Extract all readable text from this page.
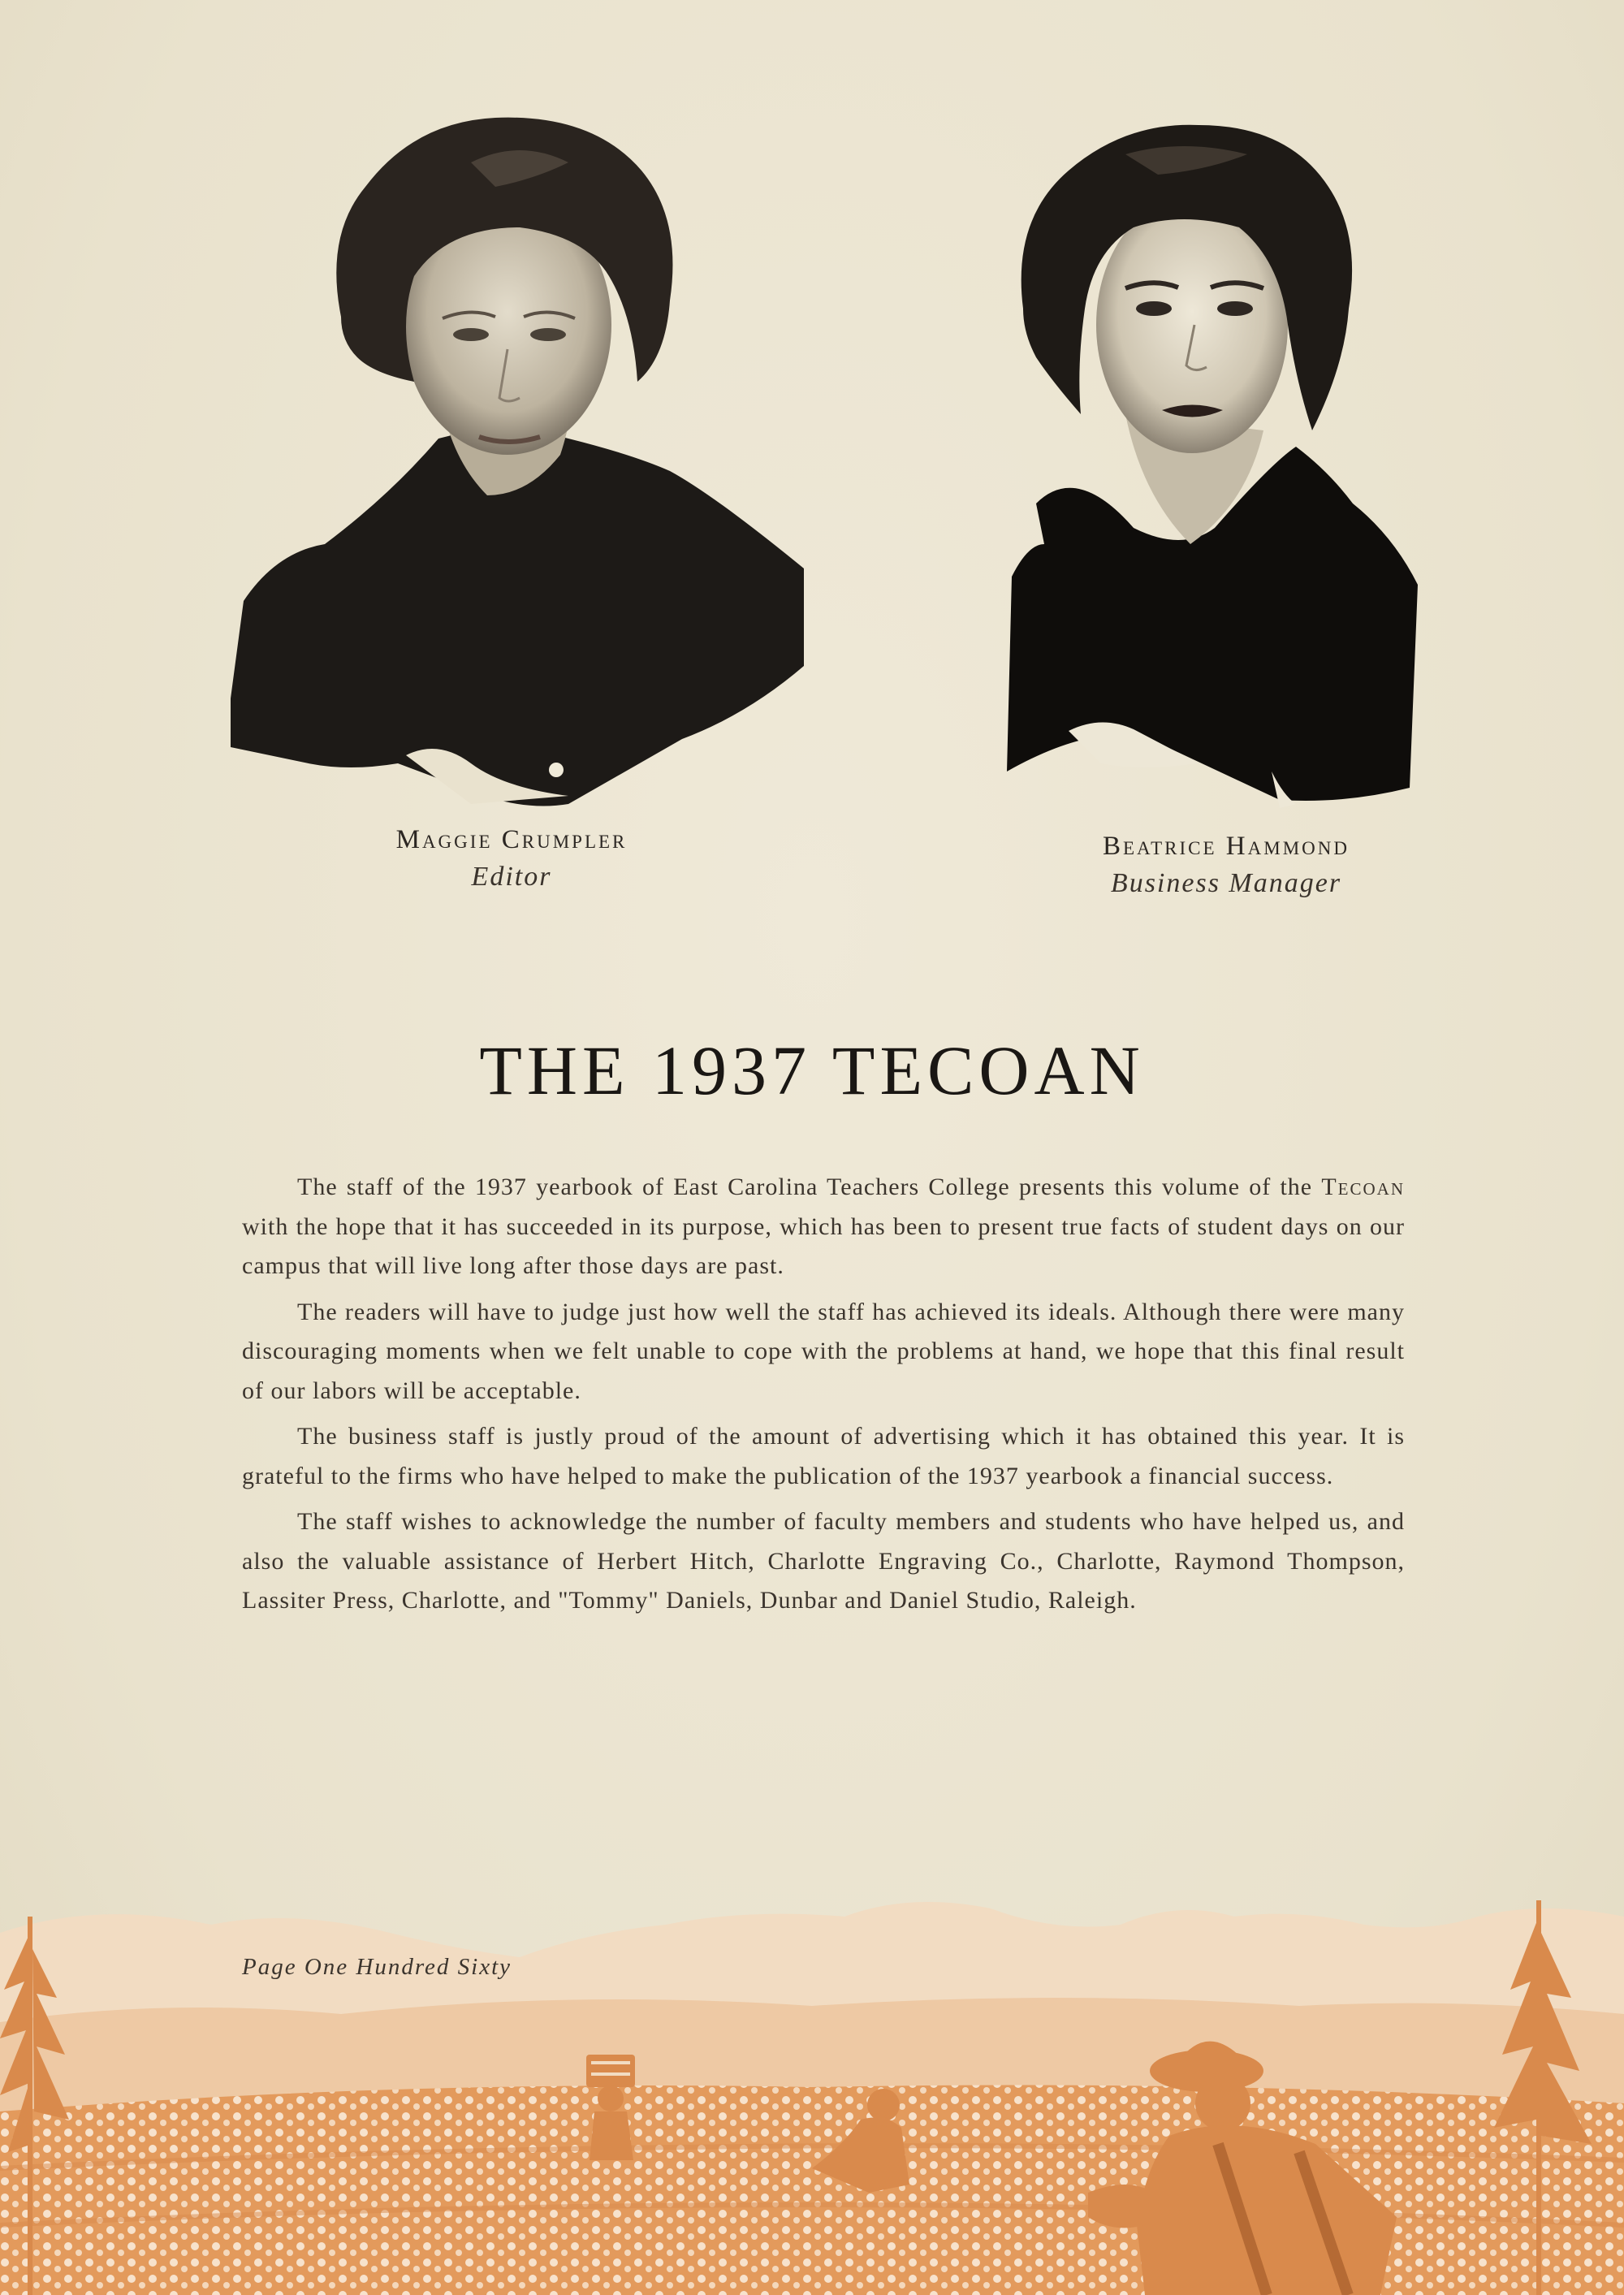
Maggie Crumpler
Editor
Beatrice Hammond
Business Manager
THE 1937 TECOAN

The staff of the 1937 yearbook of East Carolina Teachers College presents this volume of the Tecoan with the hope that it has succeeded in its purpose, which has been to present true facts of student days on our campus that will live long after those days are past.

The readers will have to judge just how well the staff has achieved its ideals. Although there were many discouraging moments when we felt unable to cope with the problems at hand, we hope that this final result of our labors will be acceptable.

The business staff is justly proud of the amount of advertising which it has obtained this year. It is grateful to the firms who have helped to make the publication of the 1937 yearbook a financial success.

The staff wishes to acknowledge the number of faculty members and students who have helped us, and also the valuable assistance of Herbert Hitch, Charlotte Engraving Co., Charlotte, Raymond Thompson, Lassiter Press, Charlotte, and "Tommy" Daniels, Dunbar and Daniel Studio, Raleigh.

Page One Hundred Sixty
